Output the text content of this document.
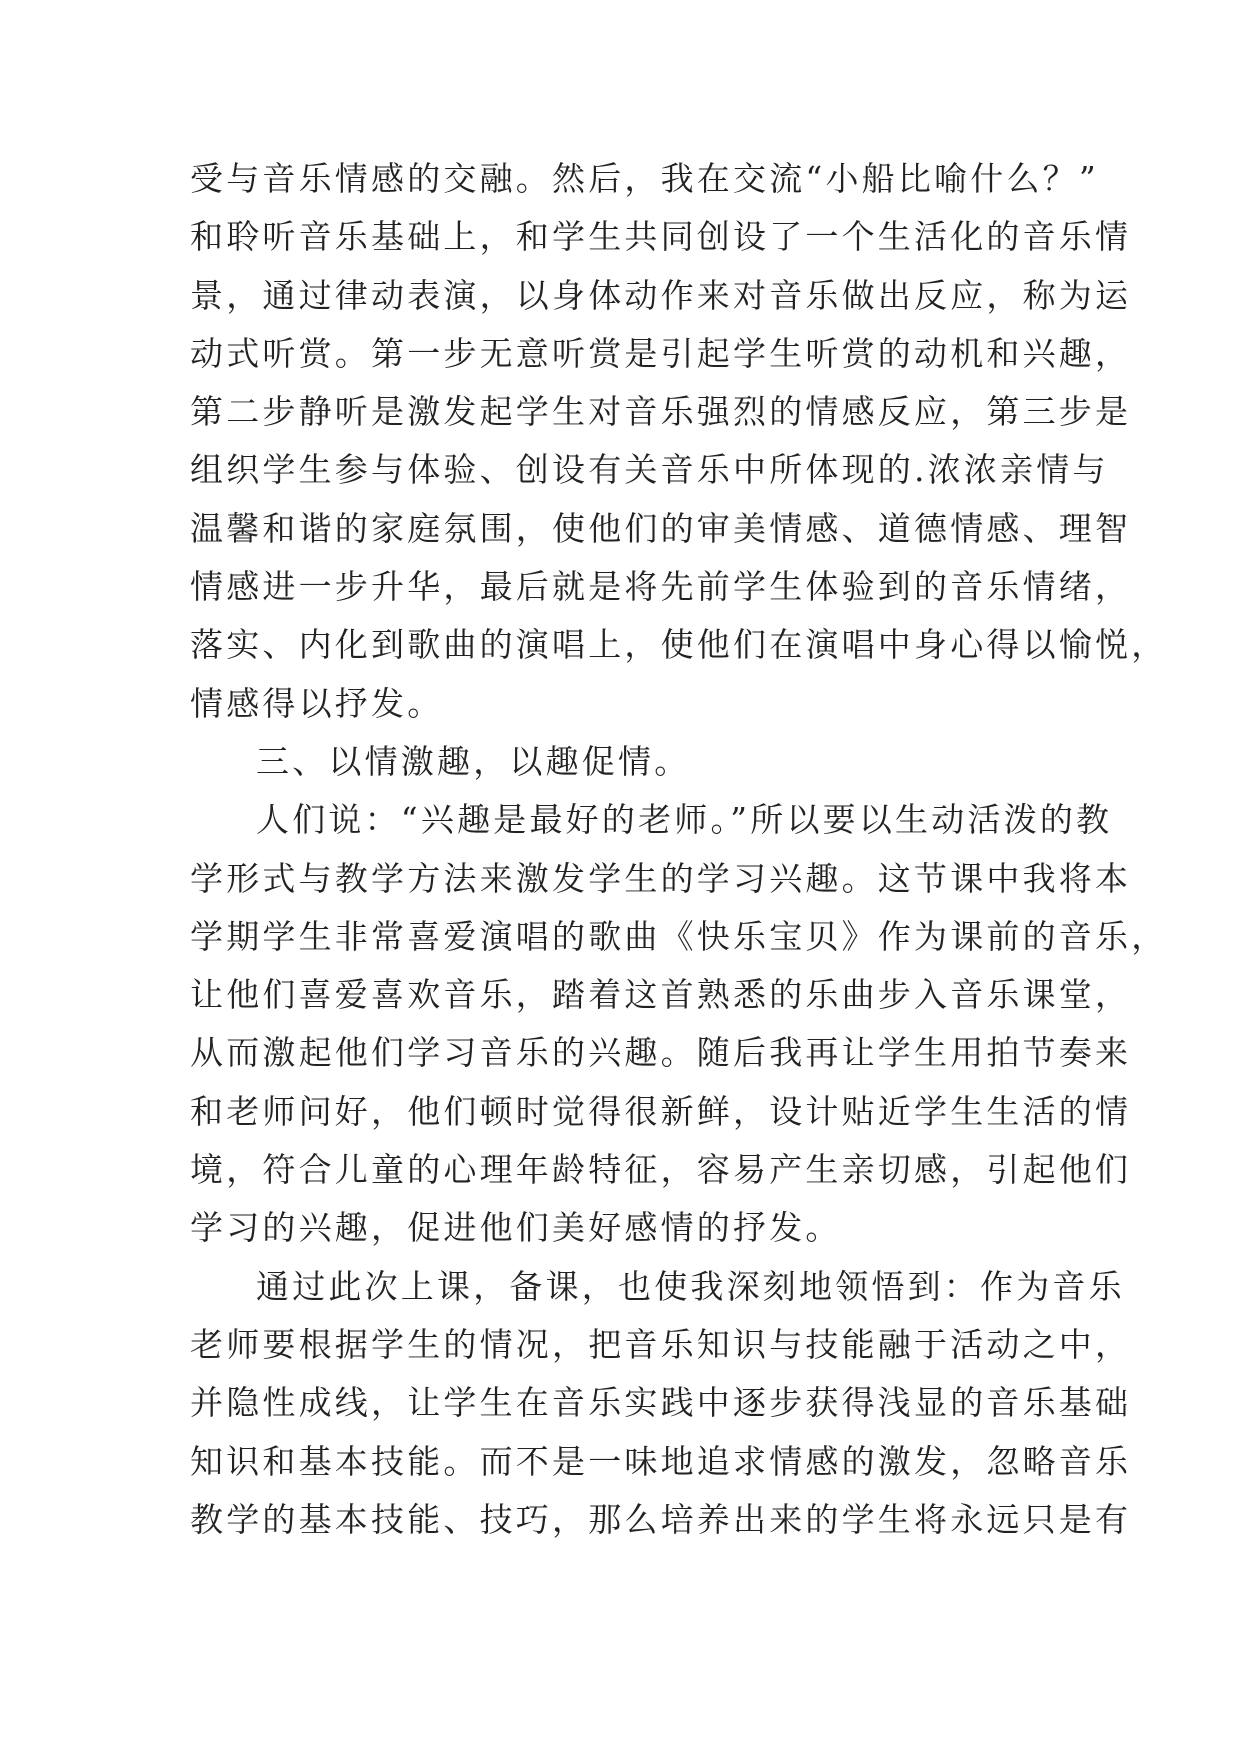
受与音乐情感的交融。然后，我在交流“小船比喻什么？”
和聆听音乐基础上，和学生共同创设了一个生活化的音乐情
景，通过律动表演，以身体动作来对音乐做出反应，称为运
动式听赏。第一步无意听赏是引起学生听赏的动机和兴趣，
第二步静听是激发起学生对音乐强烈的情感反应，第三步是
组织学生参与体验、创设有关音乐中所体现的.浓浓亲情与
温馨和谐的家庭氛围，使他们的审美情感、道德情感、理智
情感进一步升华，最后就是将先前学生体验到的音乐情绪，
落实、内化到歌曲的演唱上，使他们在演唱中身心得以愉悦，
情感得以抒发。
三、以情激趣，以趣促情。
人们说：“兴趣是最好的老师。”所以要以生动活泼的教
学形式与教学方法来激发学生的学习兴趣。这节课中我将本
学期学生非常喜爱演唱的歌曲《快乐宝贝》作为课前的音乐，
让他们喜爱喜欢音乐，踏着这首熟悉的乐曲步入音乐课堂，
从而激起他们学习音乐的兴趣。随后我再让学生用拍节奏来
和老师问好，他们顿时觉得很新鲜，设计贴近学生生活的情
境，符合儿童的心理年龄特征，容易产生亲切感，引起他们
学习的兴趣，促进他们美好感情的抒发。
通过此次上课，备课，也使我深刻地领悟到：作为音乐
老师要根据学生的情况，把音乐知识与技能融于活动之中，
并隐性成线，让学生在音乐实践中逐步获得浅显的音乐基础
知识和基本技能。而不是一味地追求情感的激发，忽略音乐
教学的基本技能、技巧，那么培养出来的学生将永远只是有
